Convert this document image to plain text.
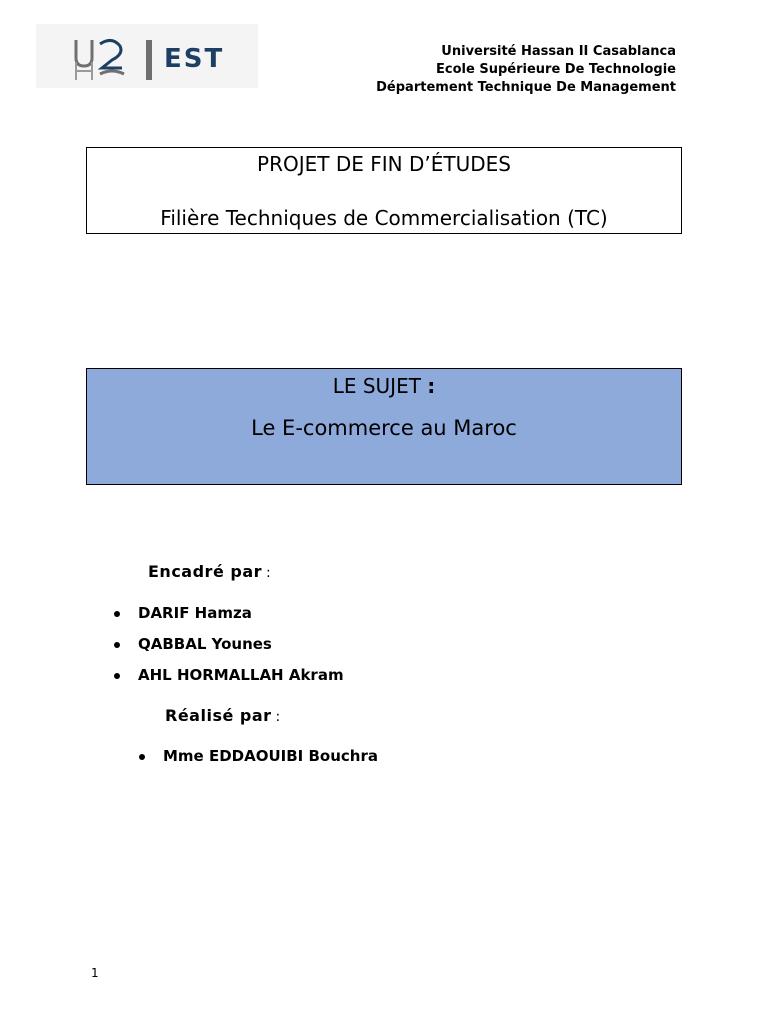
EST	Université Hassan II Casablanca
Ecole Supérieure De Technologie
Département Technique De Management
PROJET DE FIN D’ÉTUDES
Filière Techniques de Commercialisation (TC)
LE SUJET :
Le E-commerce au Maroc
Encadré par :
DARIF Hamza
QABBAL Younes
AHL HORMALLAH Akram
Réalisé par :
Mme EDDAOUIBI Bouchra
1
